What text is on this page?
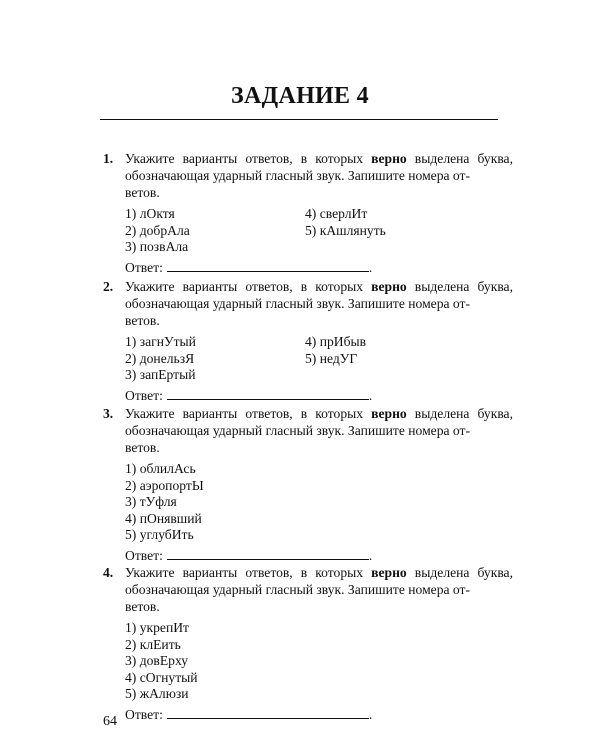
ЗАДАНИЕ 4
1. Укажите варианты ответов, в которых верно выделена буква, обозначающая ударный гласный звук. Запишите номера от-
ветов.
1) лОктя	4) сверлИт
2) добрАла	5) кАшлянуть
3) позвАла
Ответ:	.
2. Укажите варианты ответов, в которых верно выделена буква, обозначающая ударный гласный звук. Запишите номера от-
ветов.
1) загнУтый	4) прИбыв
2) донельзЯ	5) недУГ
3) запЕртый
Ответ:	.
3. Укажите варианты ответов, в которых верно выделена буква, обозначающая ударный гласный звук. Запишите номера от-
ветов.
1) облилАсь
2) аэропортЫ
3) тУфля
4) пОнявший
5) углубИть
Ответ:	.
4. Укажите варианты ответов, в которых верно выделена буква, обозначающая ударный гласный звук. Запишите номера от-
ветов.
1) укрепИт
2) клЕить
3) довЕрху
4) сОгнутый
5) жАлюзи
Ответ:	.
64
